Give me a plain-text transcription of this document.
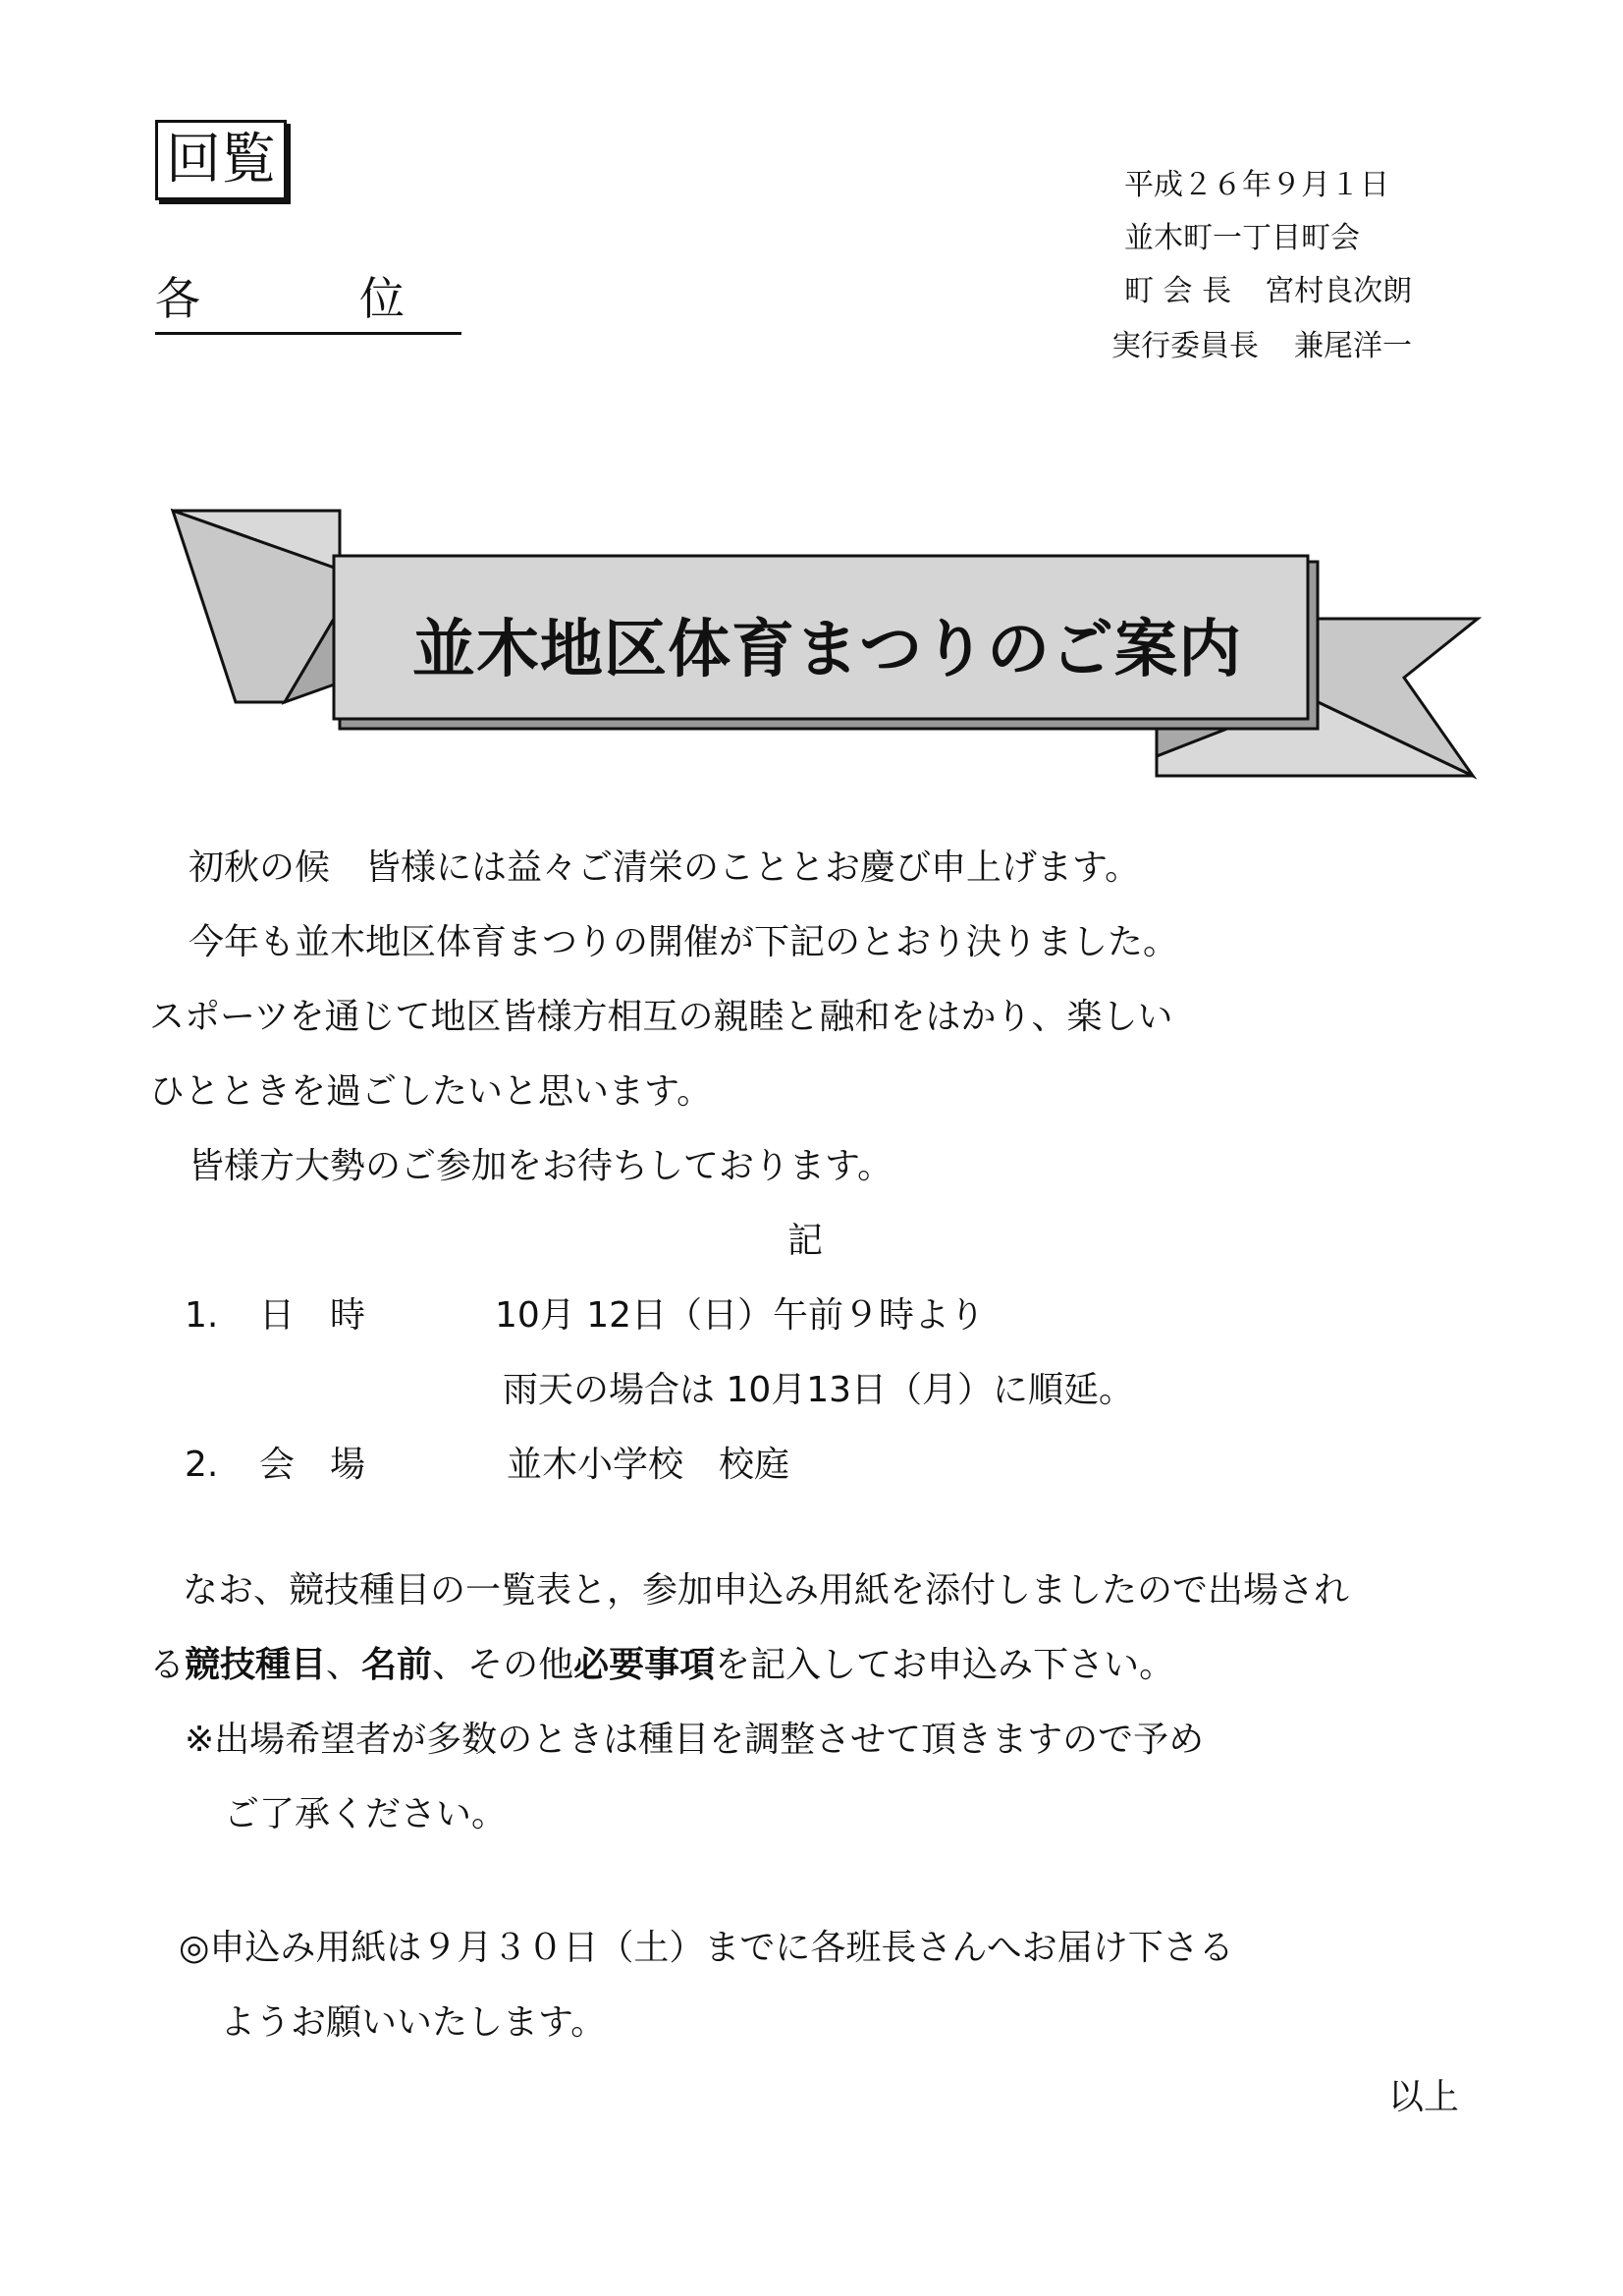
回覧
各　位
平成２６年９月１日
並木町一丁目町会
町 会 長 宮村良次朗
実行委員長 兼尾洋一
並木地区体育まつりのご案内
初秋の候　皆様には益々ご清栄のこととお慶び申上げます。
今年も並木地区体育まつりの開催が下記のとおり決りました。
スポーツを通じて地区皆様方相互の親睦と融和をはかり、楽しい
ひとときを過ごしたいと思います。
皆様方大勢のご参加をお待ちしております。
記
1. 日　時	10月 12日（日）午前９時より
雨天の場合は 10月13日（月）に順延。
2. 会　場	並木小学校　校庭
なお、競技種目の一覧表と，参加申込み用紙を添付しましたので出場され
る競技種目、名前、その他必要事項を記入してお申込み下さい。
※出場希望者が多数のときは種目を調整させて頂きますので予め
ご了承ください。
◎申込み用紙は９月３０日（土）までに各班長さんへお届け下さる
ようお願いいたします。
以上
